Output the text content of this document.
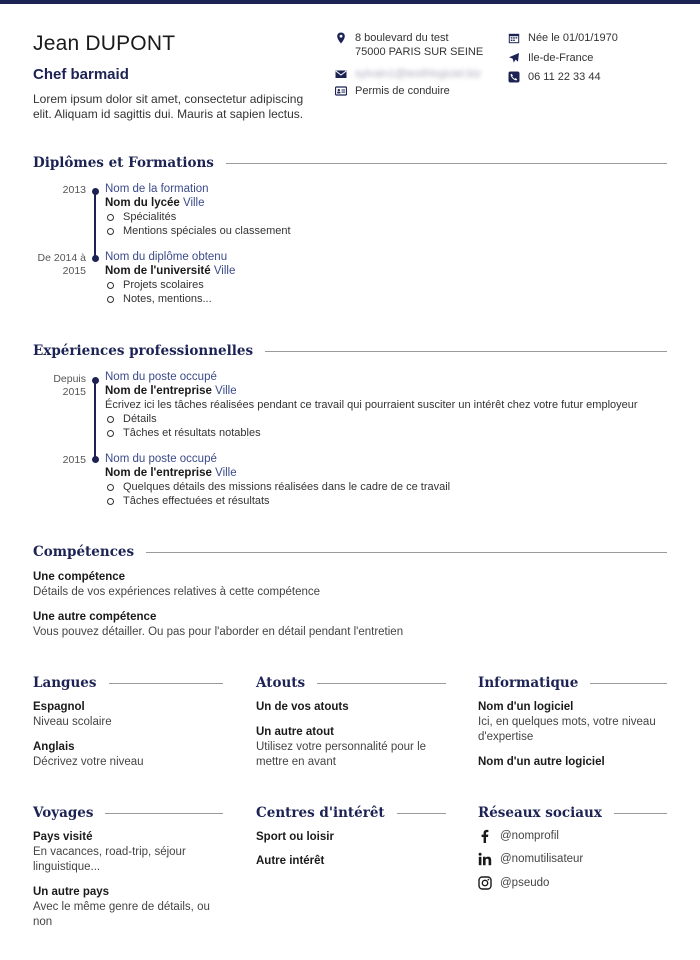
Jean DUPONT
Chef barmaid
Lorem ipsum dolor sit amet, consectetur adipiscing elit. Aliquam id sagittis dui. Mauris at sapien lectus.
8 boulevard du test
75000 PARIS SUR SEINE
sylvain1@testfrlogiciel.biz
Permis de conduire
Née le 01/01/1970
Ile-de-France
06 11 22 33 44
Diplômes et Formations
2013 Nom de la formation
Nom du lycée Ville
Spécialités
Mentions spéciales ou classement
De 2014 à
2015
Nom du diplôme obtenu
Nom de l'université Ville
Projets scolaires
Notes, mentions...
Expériences professionnelles
Depuis
2015
Nom du poste occupé
Nom de l'entreprise Ville
Écrivez ici les tâches réalisées pendant ce travail qui pourraient susciter un intérêt chez votre futur employeur
Détails
Tâches et résultats notables
2015 Nom du poste occupé
Nom de l'entreprise Ville
Quelques détails des missions réalisées dans le cadre de ce travail
Tâches effectuées et résultats
Compétences
Une compétence
Détails de vos expériences relatives à cette compétence
Une autre compétence
Vous pouvez détailler. Ou pas pour l'aborder en détail pendant l'entretien
Langues
Espagnol
Niveau scolaire
Anglais
Décrivez votre niveau
Atouts
Un de vos atouts
Un autre atout
Utilisez votre personnalité pour le mettre en avant
Informatique
Nom d'un logiciel
Ici, en quelques mots, votre niveau d'expertise
Nom d'un autre logiciel
Voyages
Pays visité
En vacances, road-trip, séjour linguistique...
Un autre pays
Avec le même genre de détails, ou non
Centres d'intérêt
Sport ou loisir
Autre intérêt
Réseaux sociaux
@nomprofil
@nomutilisateur
@pseudo
